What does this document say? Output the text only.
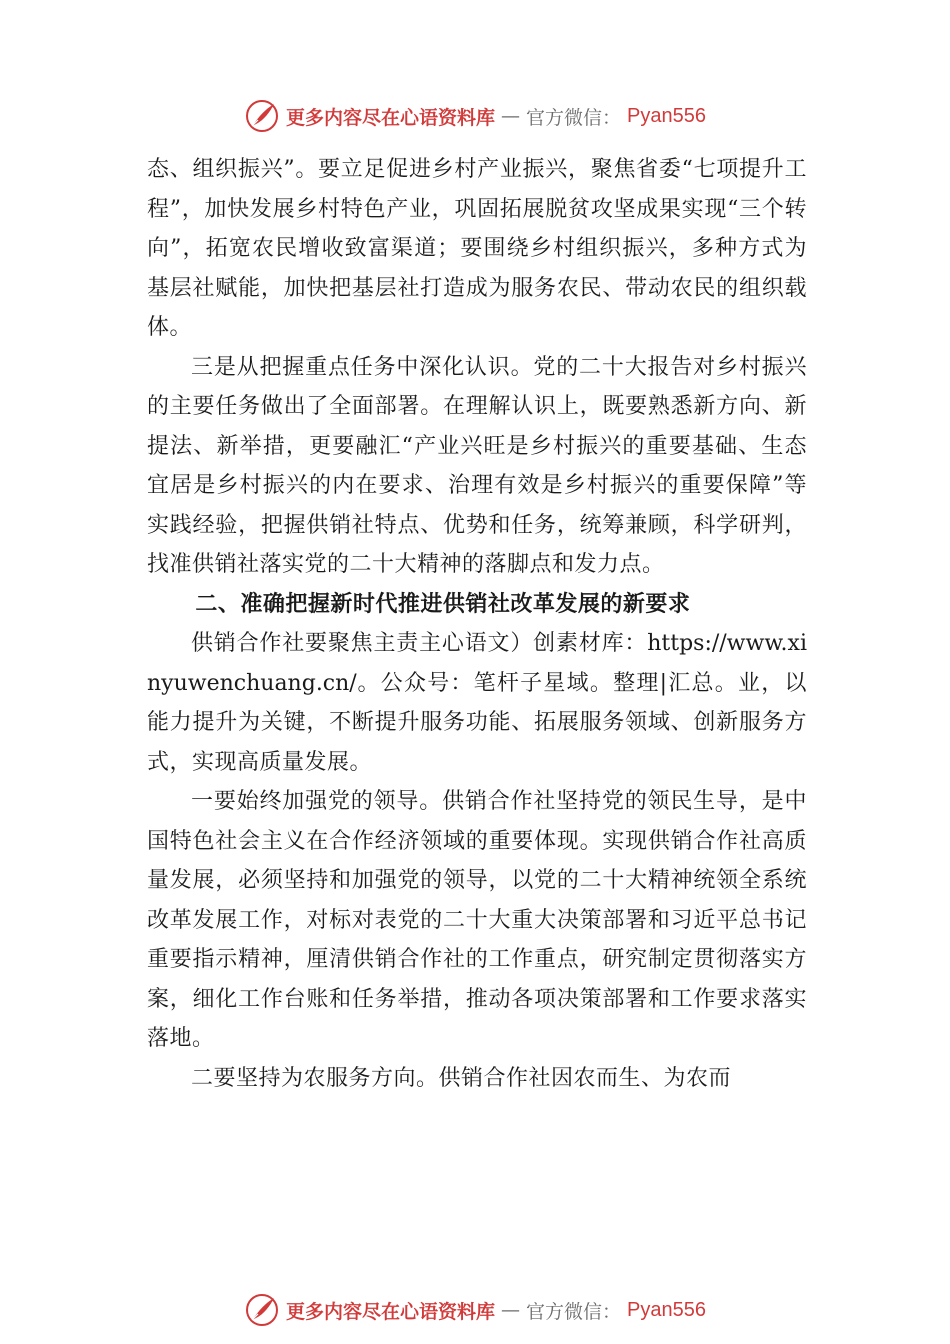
更多内容尽在心语资料库 — 官方微信： Pyan556

态、组织振兴”。要立足促进乡村产业振兴，聚焦省委“七项提升工程”，加快发展乡村特色产业，巩固拓展脱贫攻坚成果实现“三个转向”，拓宽农民增收致富渠道；要围绕乡村组织振兴，多种方式为基层社赋能，加快把基层社打造成为服务农民、带动农民的组织载体。

三是从把握重点任务中深化认识。党的二十大报告对乡村振兴的主要任务做出了全面部署。在理解认识上，既要熟悉新方向、新提法、新举措，更要融汇“产业兴旺是乡村振兴的重要基础、生态宜居是乡村振兴的内在要求、治理有效是乡村振兴的重要保障”等实践经验，把握供销社特点、优势和任务，统筹兼顾，科学研判，找准供销社落实党的二十大精神的落脚点和发力点。

二、准确把握新时代推进供销社改革发展的新要求

供销合作社要聚焦主责主心语文）创素材库：https://www.xinyuwenchuang.cn/。公众号：笔杆子星域。整理|汇总。业，以能力提升为关键，不断提升服务功能、拓展服务领域、创新服务方式，实现高质量发展。

一要始终加强党的领导。供销合作社坚持党的领民生导，是中国特色社会主义在合作经济领域的重要体现。实现供销合作社高质量发展，必须坚持和加强党的领导，以党的二十大精神统领全系统改革发展工作，对标对表党的二十大重大决策部署和习近平总书记重要指示精神，厘清供销合作社的工作重点，研究制定贯彻落实方案，细化工作台账和任务举措，推动各项决策部署和工作要求落实落地。

二要坚持为农服务方向。供销合作社因农而生、为农而

更多内容尽在心语资料库 — 官方微信： Pyan556
